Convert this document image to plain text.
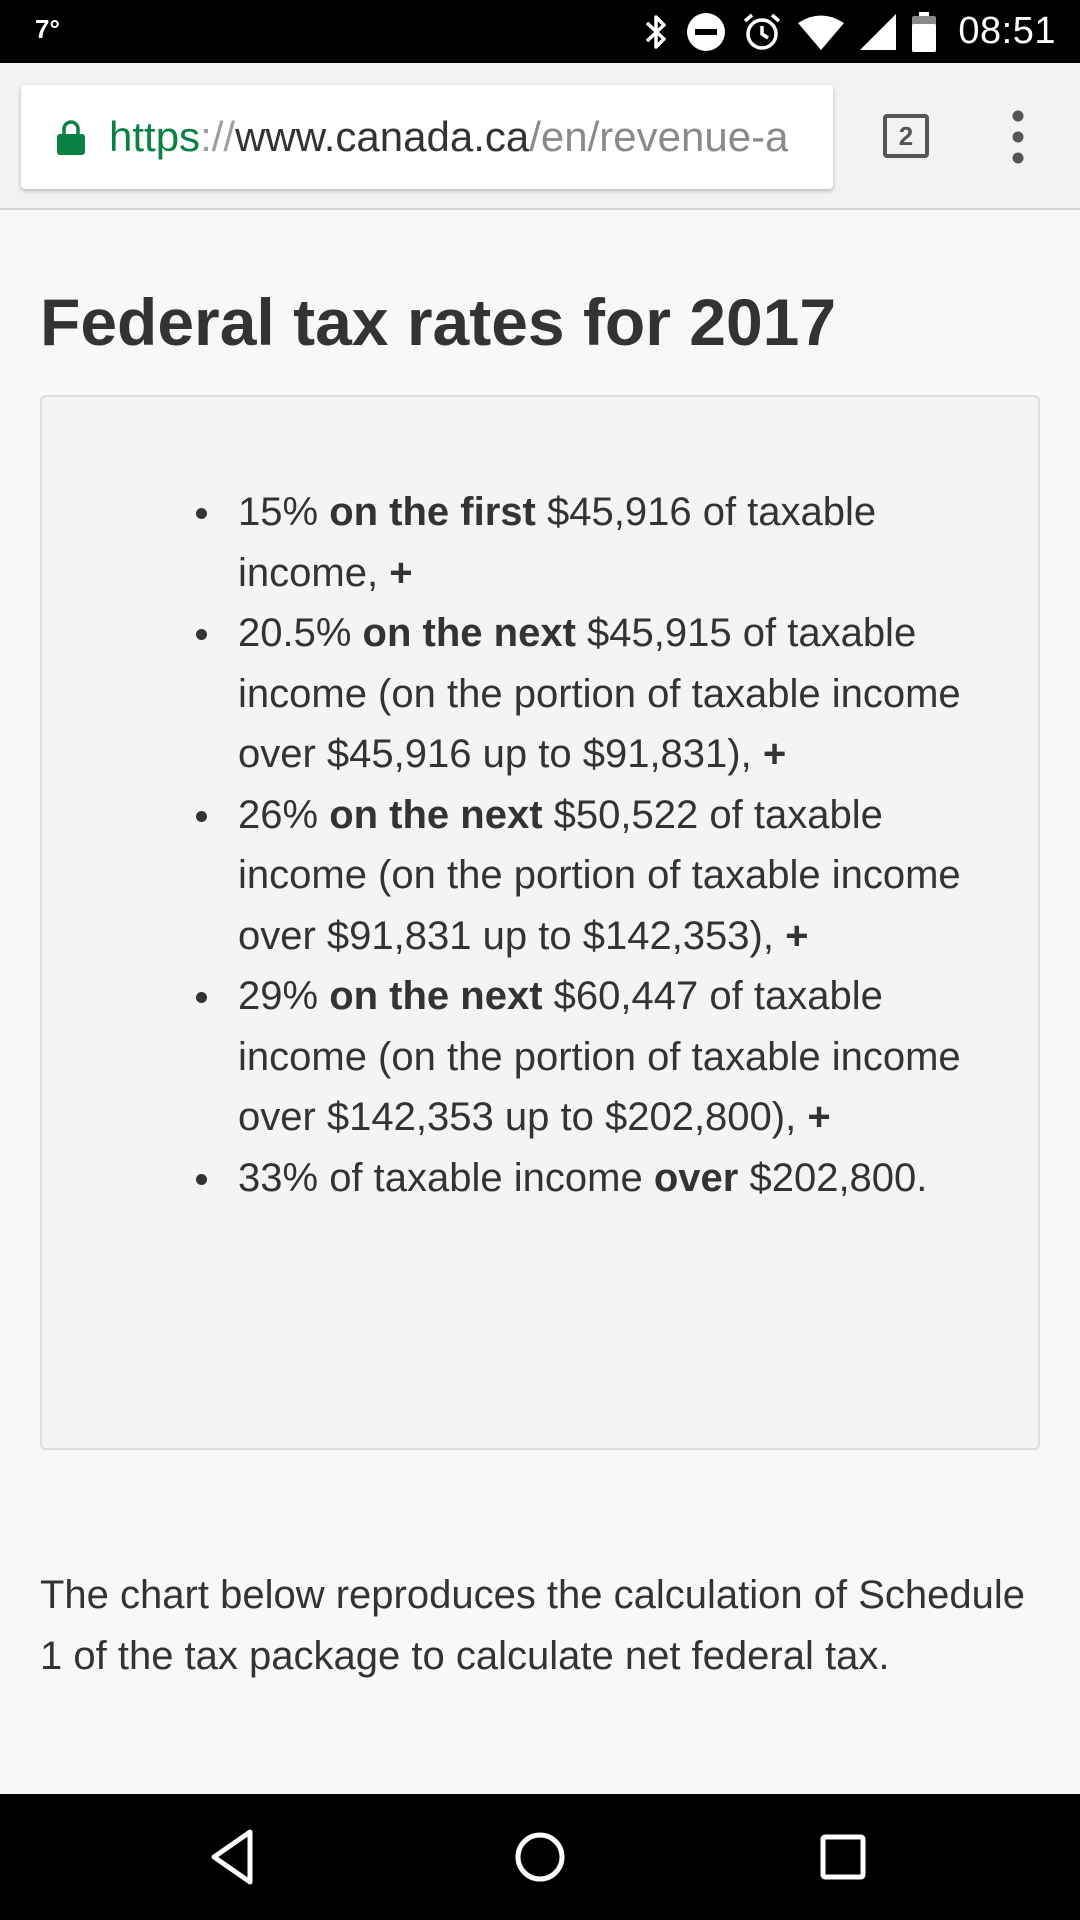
7°	08:51
https://www.canada.ca/en/revenue-a	2
Federal tax rates for 2017
15% on the first $45,916 of taxable income, +
20.5% on the next $45,915 of taxable income (on the portion of taxable income over $45,916 up to $91,831), +
26% on the next $50,522 of taxable income (on the portion of taxable income over $91,831 up to $142,353), +
29% on the next $60,447 of taxable income (on the portion of taxable income over $142,353 up to $202,800), +
33% of taxable income over $202,800.

The chart below reproduces the calculation of Schedule 1 of the tax package to calculate net federal tax.
